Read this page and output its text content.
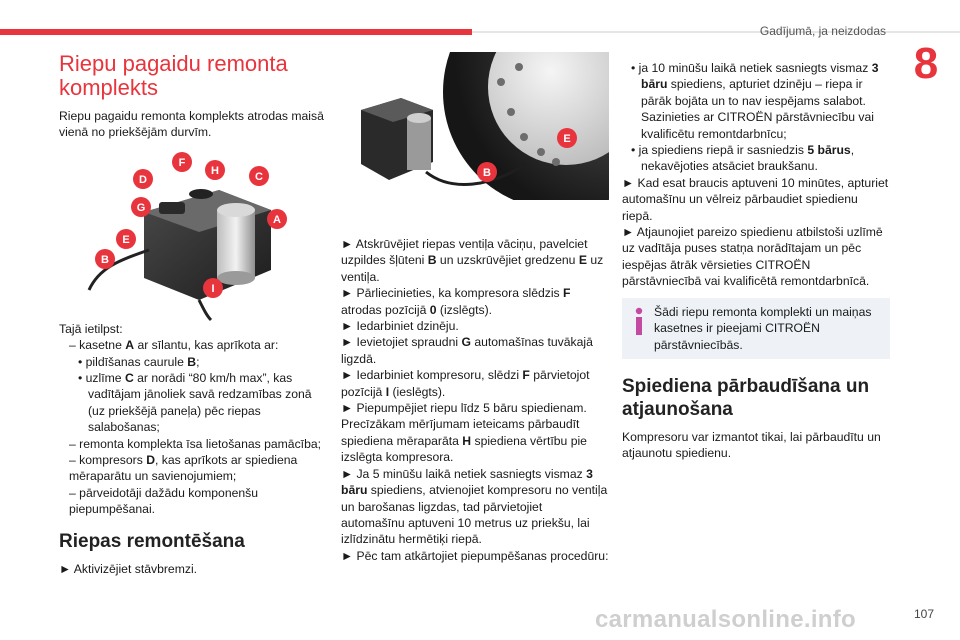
Gadījumā, ja neizdodas
8
Riepu pagaidu remonta komplekts

Riepu pagaidu remonta komplekts atrodas maisā vienā no priekšējām durvīm.

Tajā ietilpst:

– kasetne A ar sīlantu, kas aprīkota ar:

• pildīšanas caurule B;

• uzlīme C ar norādi “80 km/h max”, kas vadītājam jānoliek savā redzamības zonā (uz priekšējā paneļa) pēc riepas salabošanas;

– remonta komplekta īsa lietošanas pamācība;

– kompresors D, kas aprīkots ar spiediena mēraparātu un savienojumiem;

– pārveidotāji dažādu komponenšu piepumpēšanai.

Riepas remontēšana

► Aktivizējiet stāvbremzi.

F
H
D	C
G
A
E
B
I
E
B

► Atskrūvējiet riepas ventiļa vāciņu, pavelciet uzpildes šļūteni B un uzskrūvējiet gredzenu E uz ventiļa.

► Pārliecinieties, ka kompresora slēdzis F atrodas pozīcijā 0 (izslēgts).

► Iedarbiniet dzinēju.

► Ievietojiet spraudni G automašīnas tuvākajā ligzdā.

► Iedarbiniet kompresoru, slēdzi F pārvietojot pozīcijā I (ieslēgts).

► Piepumpējiet riepu līdz 5 bāru spiedienam. Precīzākam mērījumam ieteicams pārbaudīt spiediena mēraparāta H spiediena vērtību pie izslēgta kompresora.

► Ja 5 minūšu laikā netiek sasniegts vismaz 3 bāru spiediens, atvienojiet kompresoru no ventiļa un barošanas ligzdas, tad pārvietojiet automašīnu aptuveni 10 metrus uz priekšu, lai izlīdzinātu hermētiķi riepā.

► Pēc tam atkārtojiet piepumpēšanas procedūru:

• ja 10 minūšu laikā netiek sasniegts vismaz 3 bāru spiediens, apturiet dzinēju – riepa ir pārāk bojāta un to nav iespējams salabot. Sazinieties ar CITROËN pārstāvniecību vai kvalificētu remontdarbnīcu;

• ja spiediens riepā ir sasniedzis 5 bārus, nekavējoties atsāciet braukšanu.

► Kad esat braucis aptuveni 10 minūtes, apturiet automašīnu un vēlreiz pārbaudiet spiedienu riepā.

► Atjaunojiet pareizo spiedienu atbilstoši uzlīmē uz vadītāja puses statņa norādītajam un pēc iespējas ātrāk vērsieties CITROËN pārstāvniecībā vai kvalificētā remontdarbnīcā.

Šādi riepu remonta komplekti un maiņas kasetnes ir pieejami CITROËN pārstāvniecībās.
Spiediena pārbaudīšana un atjaunošana

Kompresoru var izmantot tikai, lai pārbaudītu un atjaunotu spiedienu.

carmanualsonline.info	107
